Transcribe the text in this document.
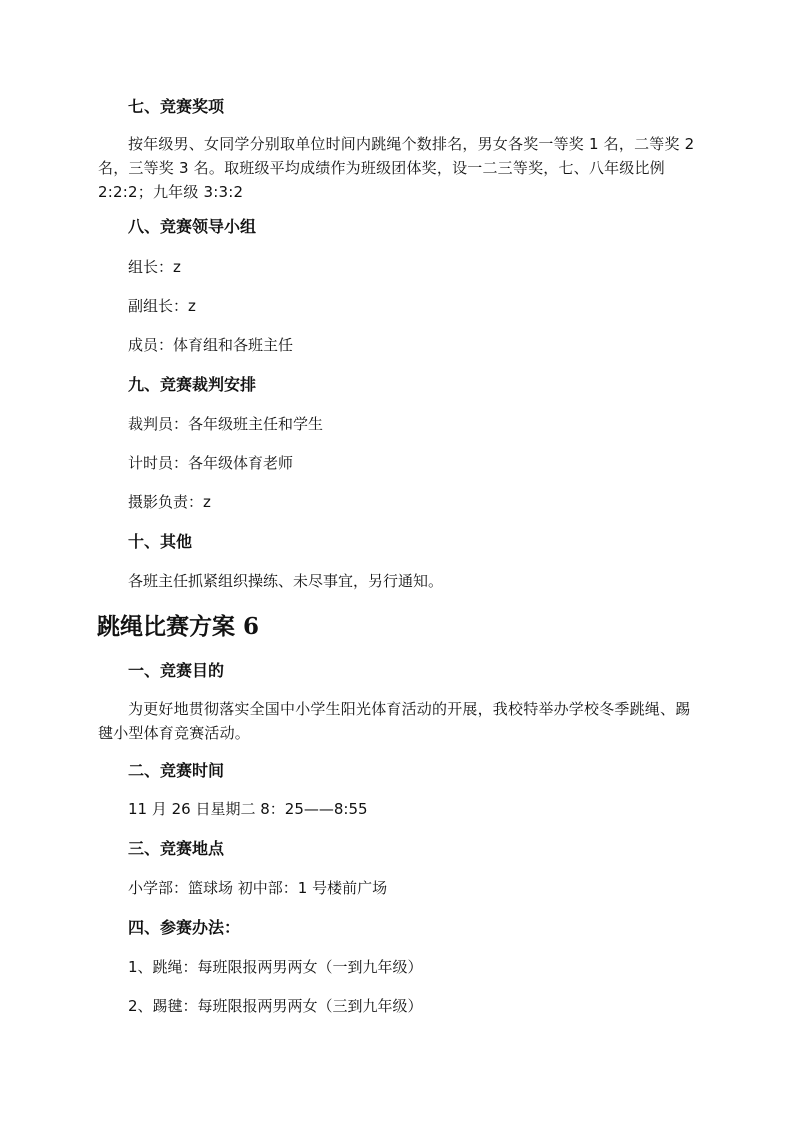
七、竞赛奖项
按年级男、女同学分别取单位时间内跳绳个数排名，男女各奖一等奖 1 名，二等奖 2 名，三等奖 3 名。取班级平均成绩作为班级团体奖，设一二三等奖，七、八年级比例 2:2:2；九年级 3:3:2
八、竞赛领导小组
组长：z
副组长：z
成员：体育组和各班主任
九、竞赛裁判安排
裁判员：各年级班主任和学生
计时员：各年级体育老师
摄影负责：z
十、其他
各班主任抓紧组织操练、未尽事宜，另行通知。
跳绳比赛方案 6
一、竞赛目的
为更好地贯彻落实全国中小学生阳光体育活动的开展，我校特举办学校冬季跳绳、踢毽小型体育竞赛活动。
二、竞赛时间
11 月 26 日星期二 8：25——8:55
三、竞赛地点
小学部：篮球场 初中部：1 号楼前广场
四、参赛办法：
1、跳绳：每班限报两男两女（一到九年级）
2、踢毽：每班限报两男两女（三到九年级）
